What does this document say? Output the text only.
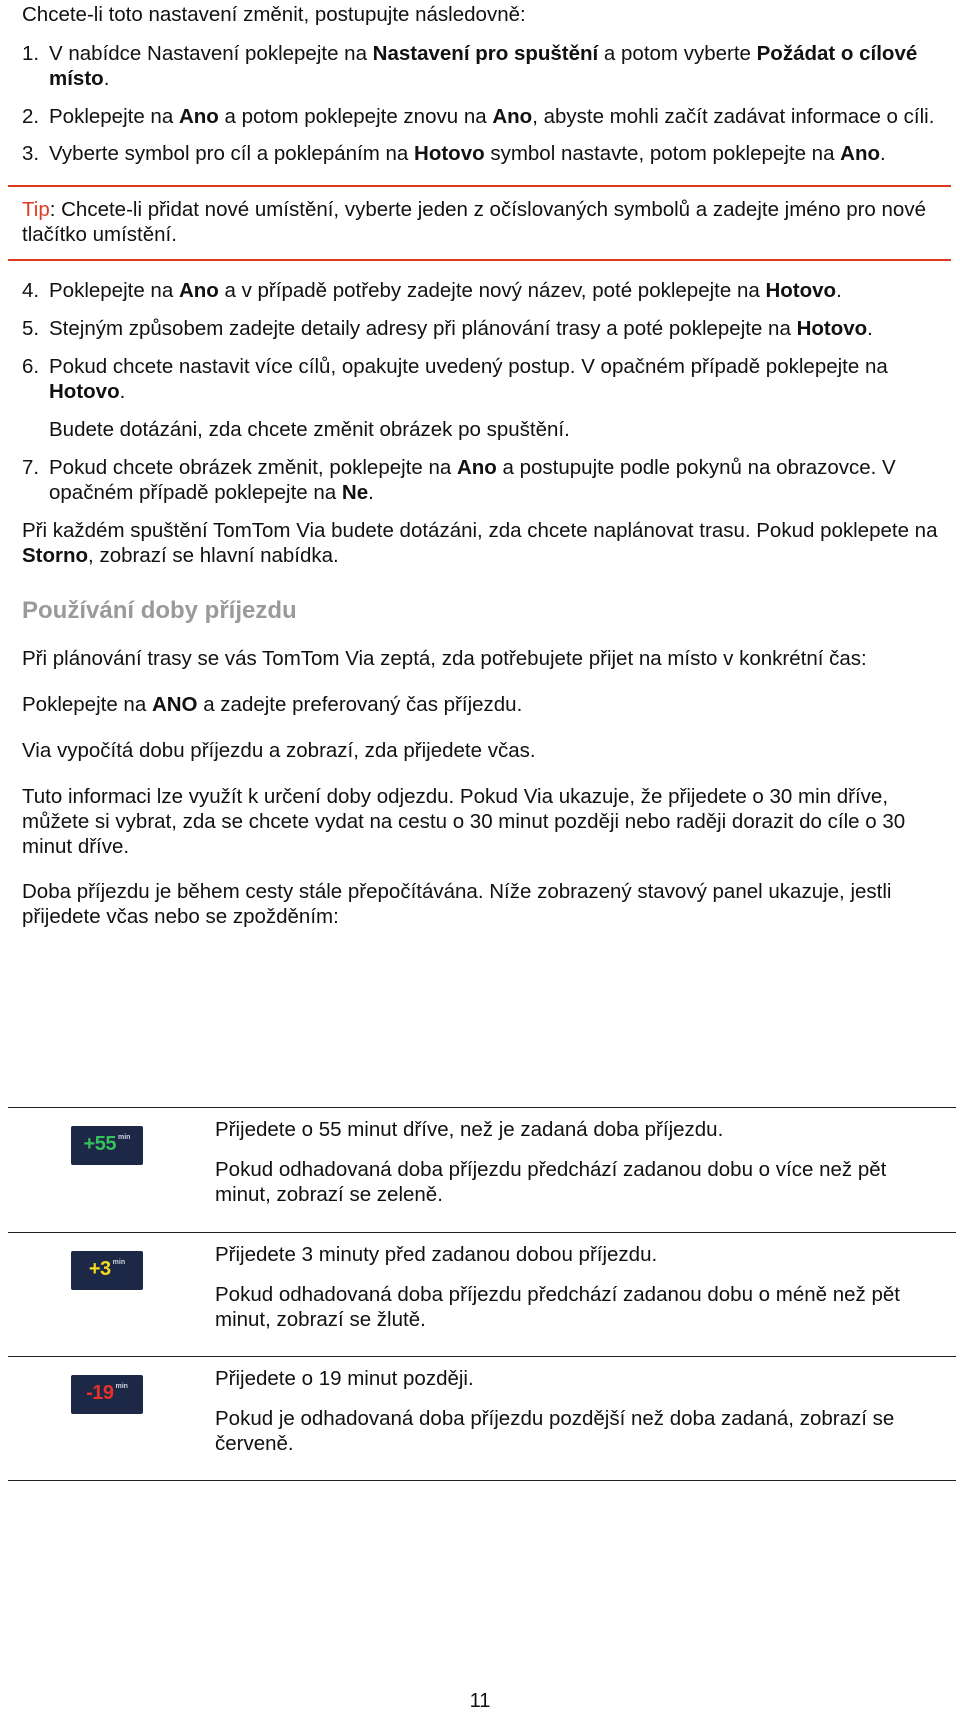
Chcete-li toto nastavení změnit, postupujte následovně:

1. V nabídce Nastavení poklepejte na Nastavení pro spuštění a potom vyberte Požádat o cílové místo.
2. Poklepejte na Ano a potom poklepejte znovu na Ano, abyste mohli začít zadávat informace o cíli.
3. Vyberte symbol pro cíl a poklepáním na Hotovo symbol nastavte, potom poklepejte na Ano.
Tip: Chcete-li přidat nové umístění, vyberte jeden z očíslovaných symbolů a zadejte jméno pro nové tlačítko umístění.
4. Poklepejte na Ano a v případě potřeby zadejte nový název, poté poklepejte na Hotovo.
5. Stejným způsobem zadejte detaily adresy při plánování trasy a poté poklepejte na Hotovo.
6. Pokud chcete nastavit více cílů, opakujte uvedený postup. V opačném případě poklepejte na Hotovo.

Budete dotázáni, zda chcete změnit obrázek po spuštění.

7. Pokud chcete obrázek změnit, poklepejte na Ano a postupujte podle pokynů na obrazovce. V opačném případě poklepejte na Ne.

Při každém spuštění TomTom Via budete dotázáni, zda chcete naplánovat trasu. Pokud poklepete na Storno, zobrazí se hlavní nabídka.

Používání doby příjezdu

Při plánování trasy se vás TomTom Via zeptá, zda potřebujete přijet na místo v konkrétní čas:

Poklepejte na ANO a zadejte preferovaný čas příjezdu.

Via vypočítá dobu příjezdu a zobrazí, zda přijedete včas.

Tuto informaci lze využít k určení doby odjezdu. Pokud Via ukazuje, že přijedete o 30 min dříve, můžete si vybrat, zda se chcete vydat na cestu o 30 minut později nebo raději dorazit do cíle o 30 minut dříve.

Doba příjezdu je během cesty stále přepočítávána. Níže zobrazený stavový panel ukazuje, jestli přijedete včas nebo se zpožděním:

+55 min	Přijedete o 55 minut dříve, než je zadaná doba příjezdu.

Pokud odhadovaná doba příjezdu předchází zadanou dobu o více než pět minut, zobrazí se zeleně.

+3 min	Přijedete 3 minuty před zadanou dobou příjezdu.

Pokud odhadovaná doba příjezdu předchází zadanou dobu o méně než pět minut, zobrazí se žlutě.

-19 min	Přijedete o 19 minut později.

Pokud je odhadovaná doba příjezdu pozdější než doba zadaná, zobrazí se červeně.

11
